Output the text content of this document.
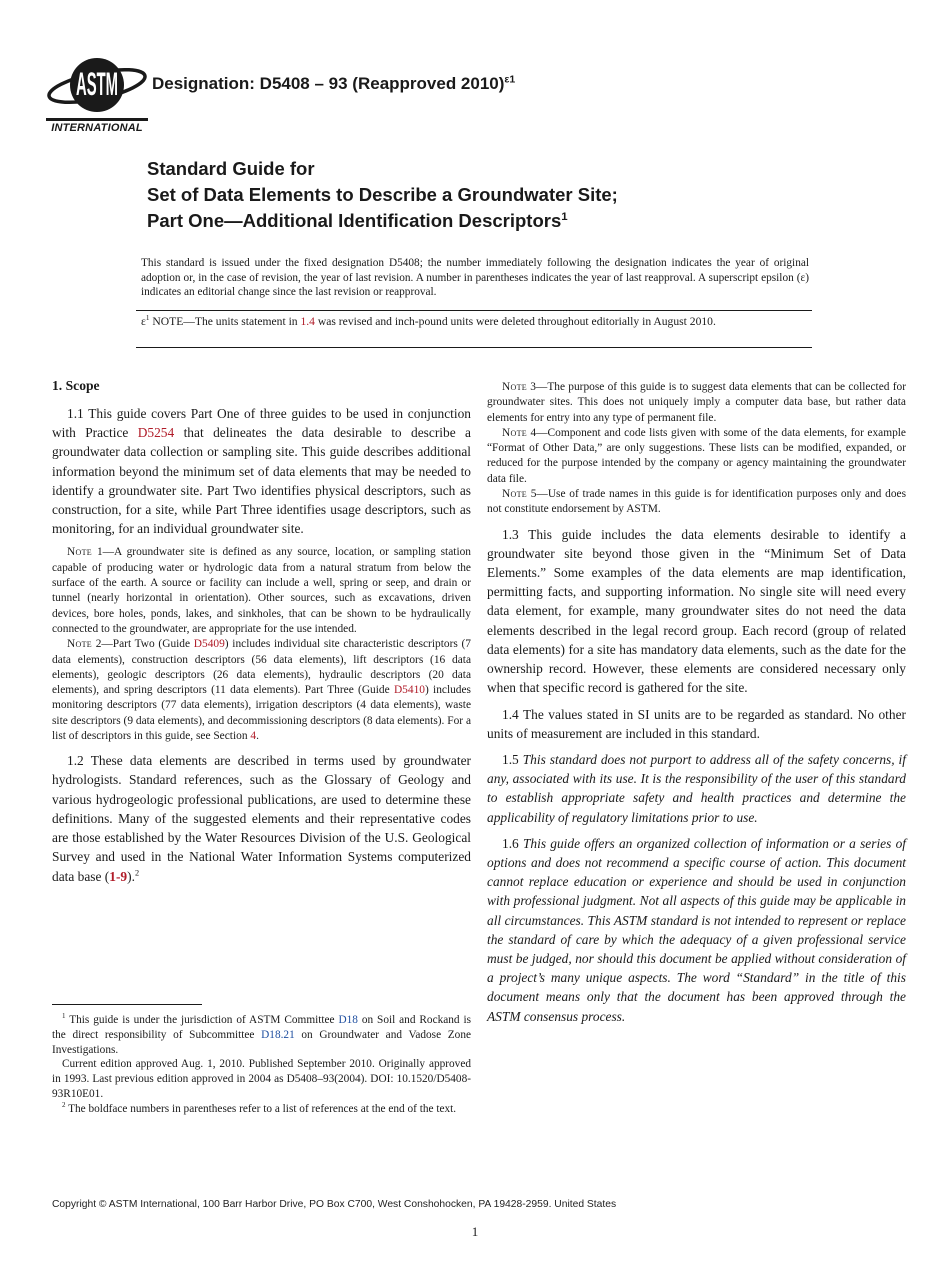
ASTM
INTERNATIONAL
Designation: D5408 – 93 (Reapproved 2010)$^{\varepsilon 1}$
Standard Guide for
Set of Data Elements to Describe a Groundwater Site;
Part One—Additional Identification Descriptors$^1$
This standard is issued under the fixed designation D5408; the number immediately following the designation indicates the year of original adoption or, in the case of revision, the year of last revision. A number in parentheses indicates the year of last reapproval. A superscript epsilon (ε) indicates an editorial change since the last revision or reapproval.
$\varepsilon^1$ NOTE—The units statement in 1.4 was revised and inch-pound units were deleted throughout editorially in August 2010.
1. Scope

1.1 This guide covers Part One of three guides to be used in conjunction with Practice D5254 that delineates the data desirable to describe a groundwater data collection or sampling site. This guide describes additional information beyond the minimum set of data elements that may be needed to identify a groundwater site. Part Two identifies physical descriptors, such as construction, for a site, while Part Three identifies usage descriptors, such as monitoring, for an individual groundwater site.

Note 1—A groundwater site is defined as any source, location, or sampling station capable of producing water or hydrologic data from a natural stratum from below the surface of the earth. A source or facility can include a well, spring or seep, and drain or tunnel (nearly horizontal in orientation). Other sources, such as excavations, driven devices, bore holes, ponds, lakes, and sinkholes, that can be shown to be hydraulically connected to the groundwater, are appropriate for the use intended.

Note 2—Part Two (Guide D5409) includes individual site characteristic descriptors (7 data elements), construction descriptors (56 data elements), lift descriptors (16 data elements), geologic descriptors (26 data elements), hydraulic descriptors (20 data elements), and spring descriptors (11 data elements). Part Three (Guide D5410) includes monitoring descriptors (77 data elements), irrigation descriptors (4 data elements), waste site descriptors (9 data elements), and decommissioning descriptors (8 data elements). For a list of descriptors in this guide, see Section 4.

1.2 These data elements are described in terms used by groundwater hydrologists. Standard references, such as the Glossary of Geology and various hydrogeologic professional publications, are used to determine these definitions. Many of the suggested elements and their representative codes are those established by the Water Resources Division of the U.S. Geological Survey and used in the National Water Information Systems computerized data base (1-9).$^2$

Note 3—The purpose of this guide is to suggest data elements that can be collected for groundwater sites. This does not uniquely imply a computer data base, but rather data elements for entry into any type of permanent file.

Note 4—Component and code lists given with some of the data elements, for example “Format of Other Data,” are only suggestions. These lists can be modified, expanded, or reduced for the purpose intended by the company or agency maintaining the groundwater data file.

Note 5—Use of trade names in this guide is for identification purposes only and does not constitute endorsement by ASTM.

1.3 This guide includes the data elements desirable to identify a groundwater site beyond those given in the “Minimum Set of Data Elements.” Some examples of the data elements are map identification, permitting facts, and supporting information. No single site will need every data element, for example, many groundwater sites do not need the data elements described in the legal record group. Each record (group of related data elements) for a site has mandatory data elements, such as the date for the ownership record. However, these elements are considered necessary only when that specific record is gathered for the site.

1.4 The values stated in SI units are to be regarded as standard. No other units of measurement are included in this standard.

1.5 This standard does not purport to address all of the safety concerns, if any, associated with its use. It is the responsibility of the user of this standard to establish appropriate safety and health practices and determine the applicability of regulatory limitations prior to use.

1.6 This guide offers an organized collection of information or a series of options and does not recommend a specific course of action. This document cannot replace education or experience and should be used in conjunction with professional judgment. Not all aspects of this guide may be applicable in all circumstances. This ASTM standard is not intended to represent or replace the standard of care by which the adequacy of a given professional service must be judged, nor should this document be applied without consideration of a project’s many unique aspects. The word “Standard” in the title of this document means only that the document has been approved through the ASTM consensus process.

$^1$ This guide is under the jurisdiction of ASTM Committee D18 on Soil and Rockand is the direct responsibility of Subcommittee D18.21 on Groundwater and Vadose Zone Investigations.

Current edition approved Aug. 1, 2010. Published September 2010. Originally approved in 1993. Last previous edition approved in 2004 as D5408–93(2004). DOI: 10.1520/D5408-93R10E01.

$^2$ The boldface numbers in parentheses refer to a list of references at the end of the text.

Copyright © ASTM International, 100 Barr Harbor Drive, PO Box C700, West Conshohocken, PA 19428-2959. United States
1
